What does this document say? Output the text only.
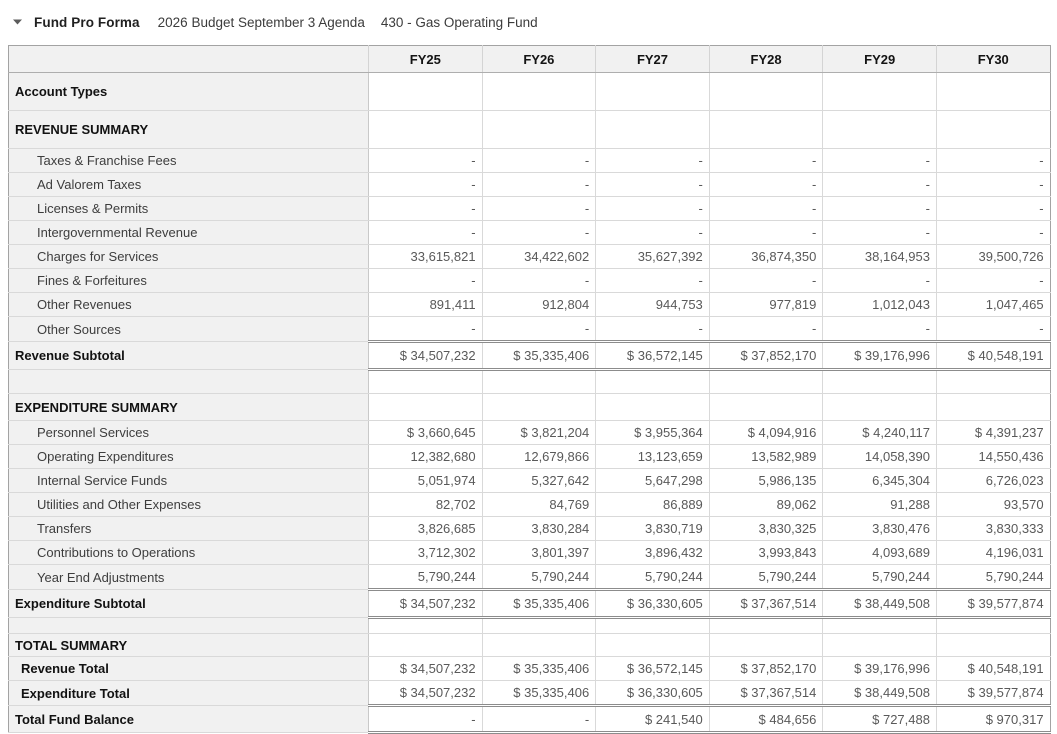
Fund Pro Forma 2026 Budget September 3 Agenda 430 - Gas Operating Fund
	FY25	FY26	FY27	FY28	FY29	FY30
Account Types						
REVENUE SUMMARY						
Taxes & Franchise Fees	-	-	-	-	-	-
Ad Valorem Taxes	-	-	-	-	-	-
Licenses & Permits	-	-	-	-	-	-
Intergovernmental Revenue	-	-	-	-	-	-
Charges for Services	33,615,821	34,422,602	35,627,392	36,874,350	38,164,953	39,500,726
Fines & Forfeitures	-	-	-	-	-	-
Other Revenues	891,411	912,804	944,753	977,819	1,012,043	1,047,465
Other Sources	-	-	-	-	-	-
Revenue Subtotal	$ 34,507,232	$ 35,335,406	$ 36,572,145	$ 37,852,170	$ 39,176,996	$ 40,548,191

EXPENDITURE SUMMARY						
Personnel Services	$ 3,660,645	$ 3,821,204	$ 3,955,364	$ 4,094,916	$ 4,240,117	$ 4,391,237
Operating Expenditures	12,382,680	12,679,866	13,123,659	13,582,989	14,058,390	14,550,436
Internal Service Funds	5,051,974	5,327,642	5,647,298	5,986,135	6,345,304	6,726,023
Utilities and Other Expenses	82,702	84,769	86,889	89,062	91,288	93,570
Transfers	3,826,685	3,830,284	3,830,719	3,830,325	3,830,476	3,830,333
Contributions to Operations	3,712,302	3,801,397	3,896,432	3,993,843	4,093,689	4,196,031
Year End Adjustments	5,790,244	5,790,244	5,790,244	5,790,244	5,790,244	5,790,244
Expenditure Subtotal	$ 34,507,232	$ 35,335,406	$ 36,330,605	$ 37,367,514	$ 38,449,508	$ 39,577,874

TOTAL SUMMARY						
Revenue Total	$ 34,507,232	$ 35,335,406	$ 36,572,145	$ 37,852,170	$ 39,176,996	$ 40,548,191
Expenditure Total	$ 34,507,232	$ 35,335,406	$ 36,330,605	$ 37,367,514	$ 38,449,508	$ 39,577,874
Total Fund Balance	-	-	$ 241,540	$ 484,656	$ 727,488	$ 970,317
